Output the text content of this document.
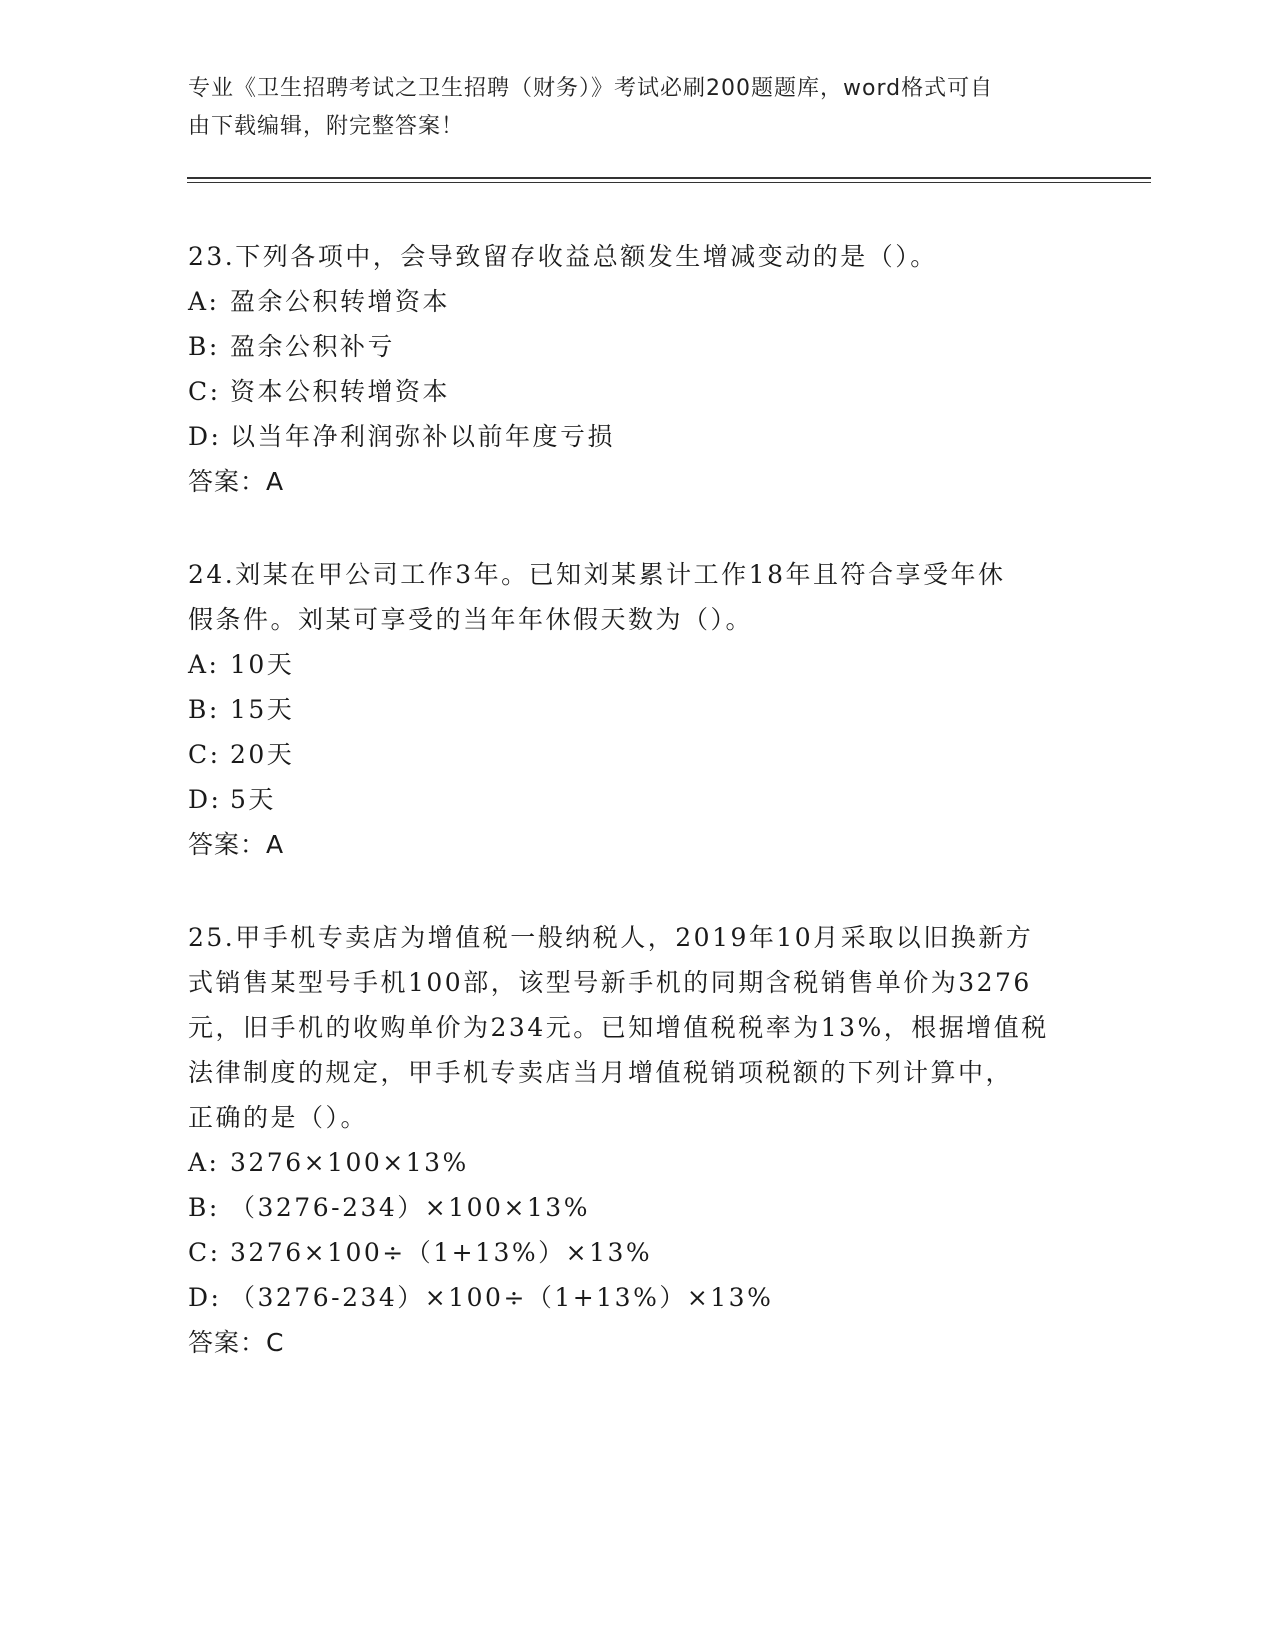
专业《卫生招聘考试之卫生招聘（财务）》考试必刷200题题库，word格式可自
由下载编辑，附完整答案！

23.下列各项中，会导致留存收益总额发生增减变动的是（）。

A: 盈余公积转增资本

B: 盈余公积补亏

C: 资本公积转增资本

D: 以当年净利润弥补以前年度亏损

答案：A

24.刘某在甲公司工作3年。已知刘某累计工作18年且符合享受年休

假条件。刘某可享受的当年年休假天数为（）。

A: 10天

B: 15天

C: 20天

D: 5天

答案：A

25.甲手机专卖店为增值税一般纳税人，2019年10月采取以旧换新方

式销售某型号手机100部，该型号新手机的同期含税销售单价为3276

元，旧手机的收购单价为234元。已知增值税税率为13%，根据增值税

法律制度的规定，甲手机专卖店当月增值税销项税额的下列计算中，

正确的是（）。

A: 3276×100×13%

B: （3276-234）×100×13%

C: 3276×100÷（1+13%）×13%

D: （3276-234）×100÷（1+13%）×13%

答案：C
